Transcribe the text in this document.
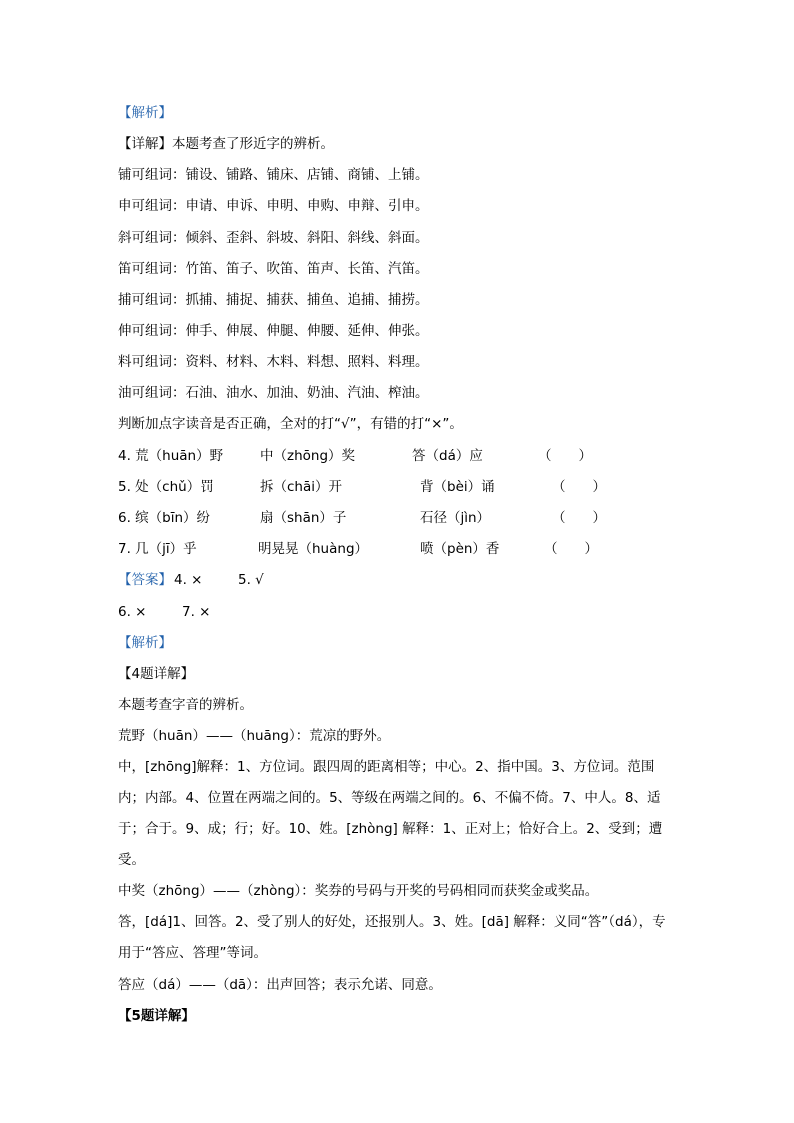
【解析】
【详解】本题考查了形近字的辨析。
铺可组词：铺设、铺路、铺床、店铺、商铺、上铺。
申可组词：申请、申诉、申明、申购、申辩、引申。
斜可组词：倾斜、歪斜、斜坡、斜阳、斜线、斜面。
笛可组词：竹笛、笛子、吹笛、笛声、长笛、汽笛。
捕可组词：抓捕、捕捉、捕获、捕鱼、追捕、捕捞。
伸可组词：伸手、伸展、伸腿、伸腰、延伸、伸张。
料可组词：资料、材料、木料、料想、照料、料理。
油可组词：石油、油水、加油、奶油、汽油、榨油。
判断加点字读音是否正确，全对的打“√”，有错的打“×”。
4. 荒（huān）野	中（zhōng）奖	答（dá）应	（　　）
5. 处（chǔ）罚	拆（chāi）开	背（bèi）诵	（　　）
6. 缤（bīn）纷	扇（shān）子	石径（jìn）	（　　）
7. 几（jī）乎	明晃晃（huàng）	喷（pèn）香	（　　）
【答案】 4. ×	5. √
6. ×	7. ×
【解析】
【4题详解】
本题考查字音的辨析。
荒野（huān）——（huāng）：荒凉的野外。
中，[zhōng]解释：1、方位词。跟四周的距离相等；中心。2、指中国。3、方位词。范围内；内部。4、位置在两端之间的。5、等级在两端之间的。6、不偏不倚。7、中人。8、适于；合于。9、成；行；好。10、姓。[zhòng] 解释：1、正对上；恰好合上。2、受到；遭受。
中奖（zhōng）——（zhòng）：奖券的号码与开奖的号码相同而获奖金或奖品。
答，[dá]1、回答。2、受了别人的好处，还报别人。3、姓。[dā] 解释：义同“答”（dá），专用于“答应、答理”等词。
答应（dá）——（dā）：出声回答；表示允诺、同意。
【5题详解】
